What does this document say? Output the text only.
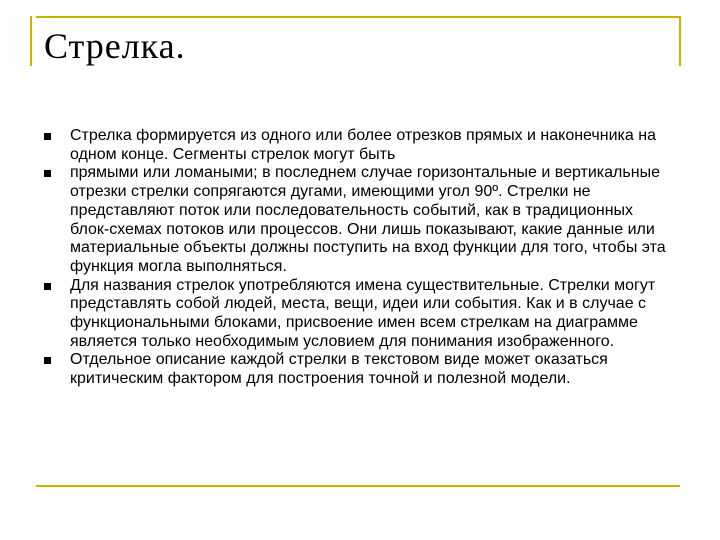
Стрелка.
Стрелка формируется из одного или более отрезков прямых и наконечника на одном конце. Сегменты стрелок могут быть
прямыми или ломаными; в последнем случае горизонтальные и вертикальные отрезки стрелки сопрягаются дугами, имеющими угол 90º. Стрелки не представляют поток или последовательность событий, как в традиционных блок-схемах потоков или процессов. Они лишь показывают, какие данные или материальные объекты должны поступить на вход функции для того, чтобы эта функция могла выполняться.
Для названия стрелок употребляются имена существительные. Стрелки могут представлять собой людей, места, вещи, идеи или события. Как и в случае с функциональными блоками, присвоение имен всем стрелкам на диаграмме является только необходимым условием для понимания изображенного.
Отдельное описание каждой стрелки в текстовом виде может оказаться критическим фактором для построения точной и полезной модели.
